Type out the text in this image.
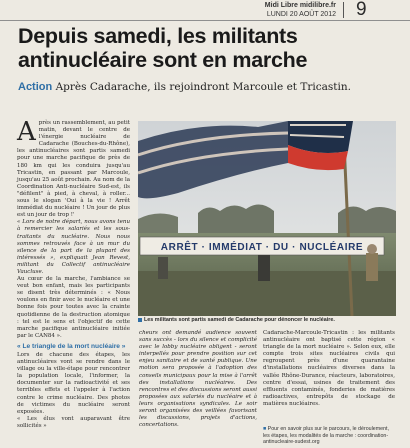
Midi Libre midilibre.fr
LUNDI 20 AOÛT 2012 9
Depuis samedi, les militants
antinucléaire sont en marche
Action Après Cadarache, ils rejoindront Marcoule et Tricastin.

Après un rassemblement, au petit matin, devant le centre de l'énergie nucléaire de Cadarache (Bouches-du-Rhône), les antinucléaires sont partis samedi pour une marche pacifique de près de 180 km qui les conduira jusqu'au Tricastin, en passant par Marcoule, jusqu'au 25 août prochain. Au nom de la Coordination Anti-nucléaire Sud-est, ils "défilent" à pied, à cheval, à roller... sous le slogan 'Oui à la vie ! Arrêt immédiat du nucléaire ! Un jour de plus est un jour de trop !'

« Lors de notre départ, nous avons tenu à remercier les salariés et les sous-traitants du nucléaire. Nous nous sommes retrouvés face à un mur du silence de la part de la plupart des intéressés », expliquait Jean Revest, militant du Collectif antinucléaire Vaucluse.

Au cœur de la marche, l'ambiance se veut bon enfant, mais les participants se disent très déterminés : « Nous voulons en finir avec le nucléaire et une bonne fois pour toutes avec la crainte quotidienne de la destruction atomique : tel est le sens et l'objectif de cette marche pacifique antinucléaire initiée par le CAN84 ».

« Le triangle de la mort nucléaire »

Lors de chacune des étapes, les antinucléaires vont se rendre dans le village ou la ville-étape pour rencontrer la population locale, l'informer, la documenter sur la radioactivité et ses terribles effets et l'appeler à l'action contre le crime nucléaire. Des photos de victimes du nucléaire seront exposées.

« Les élus vont auparavant être sollicités »

ARRÊT · IMMÉDIAT · DU · NUCLÉAIRE
Les militants sont partis samedi de Cadarache pour dénoncer le nucléaire.

cheurs ont demandé audience souvent sans succès - lors du silence et complicité avec le lobby nucléaire obligent - seront interpellés pour prendre position sur cet enjeu sanitaire et de santé publique. Une motion sera proposée à l'adoption des conseils municipaux pour la mise à l'arrêt des installations nucléaires. Des rencontres et des discussions seront aussi proposées aux salariés du nucléaire et à leurs organisations syndicales. Le soir seront organisées des veillées favorisant les discussions, projets d'actions, concertations.

Cadarache-Marcoule-Tricastin : les militants antinucléaire ont baptisé cette région « triangle de la mort nucléaire ». Selon eux, elle compte trois sites nucléaires civils qui regroupent près d'une quarantaine d'installations nucléaires diverses dans la vallée Rhône-Durance, réacteurs, laboratoires, centre d'essai, usines de traitement des effluents contaminés, fonderies de matières radioactives, entrepôts de stockage de matières nucléaires.

■ Pour en savoir plus sur le parcours, le déroulement, les étapes, les modalités de la marche : coordination-antinucleaire-sudest.org
